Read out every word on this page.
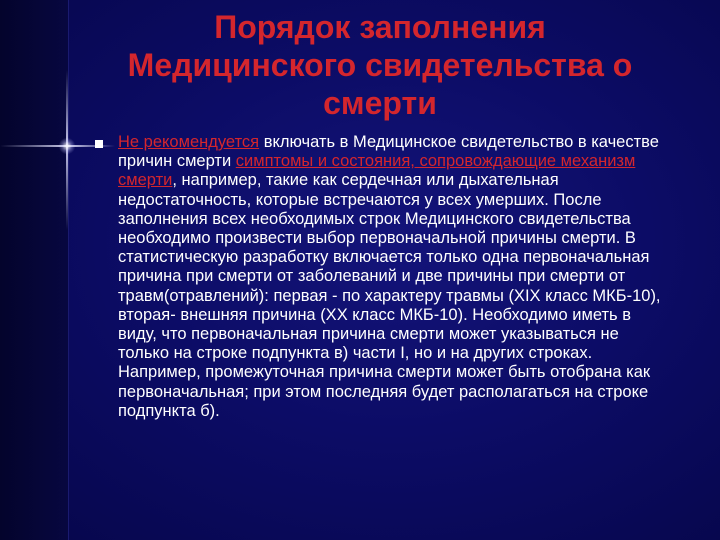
Порядок заполнения
Медицинского свидетельства о
смерти

Не рекомендуется включать в Медицинское свидетельство в качестве причин смерти симптомы и состояния, сопровождающие механизм смерти, например, такие как сердечная или дыхательная недостаточность, которые встречаются у всех умерших. После заполнения всех необходимых строк Медицинского свидетельства необходимо произвести выбор первоначальной причины смерти. В статистическую разработку включается только одна первоначальная причина при смерти от заболеваний и две причины при смерти от травм(отравлений): первая - по характеру травмы (XIX класс МКБ-10), вторая- внешняя причина (XX класс МКБ-10). Необходимо иметь в виду, что первоначальная причина смерти может указываться не только на строке подпункта в) части I, но и на других строках. Например, промежуточная причина смерти может быть отобрана как первоначальная; при этом последняя будет располагаться на строке подпункта б).
